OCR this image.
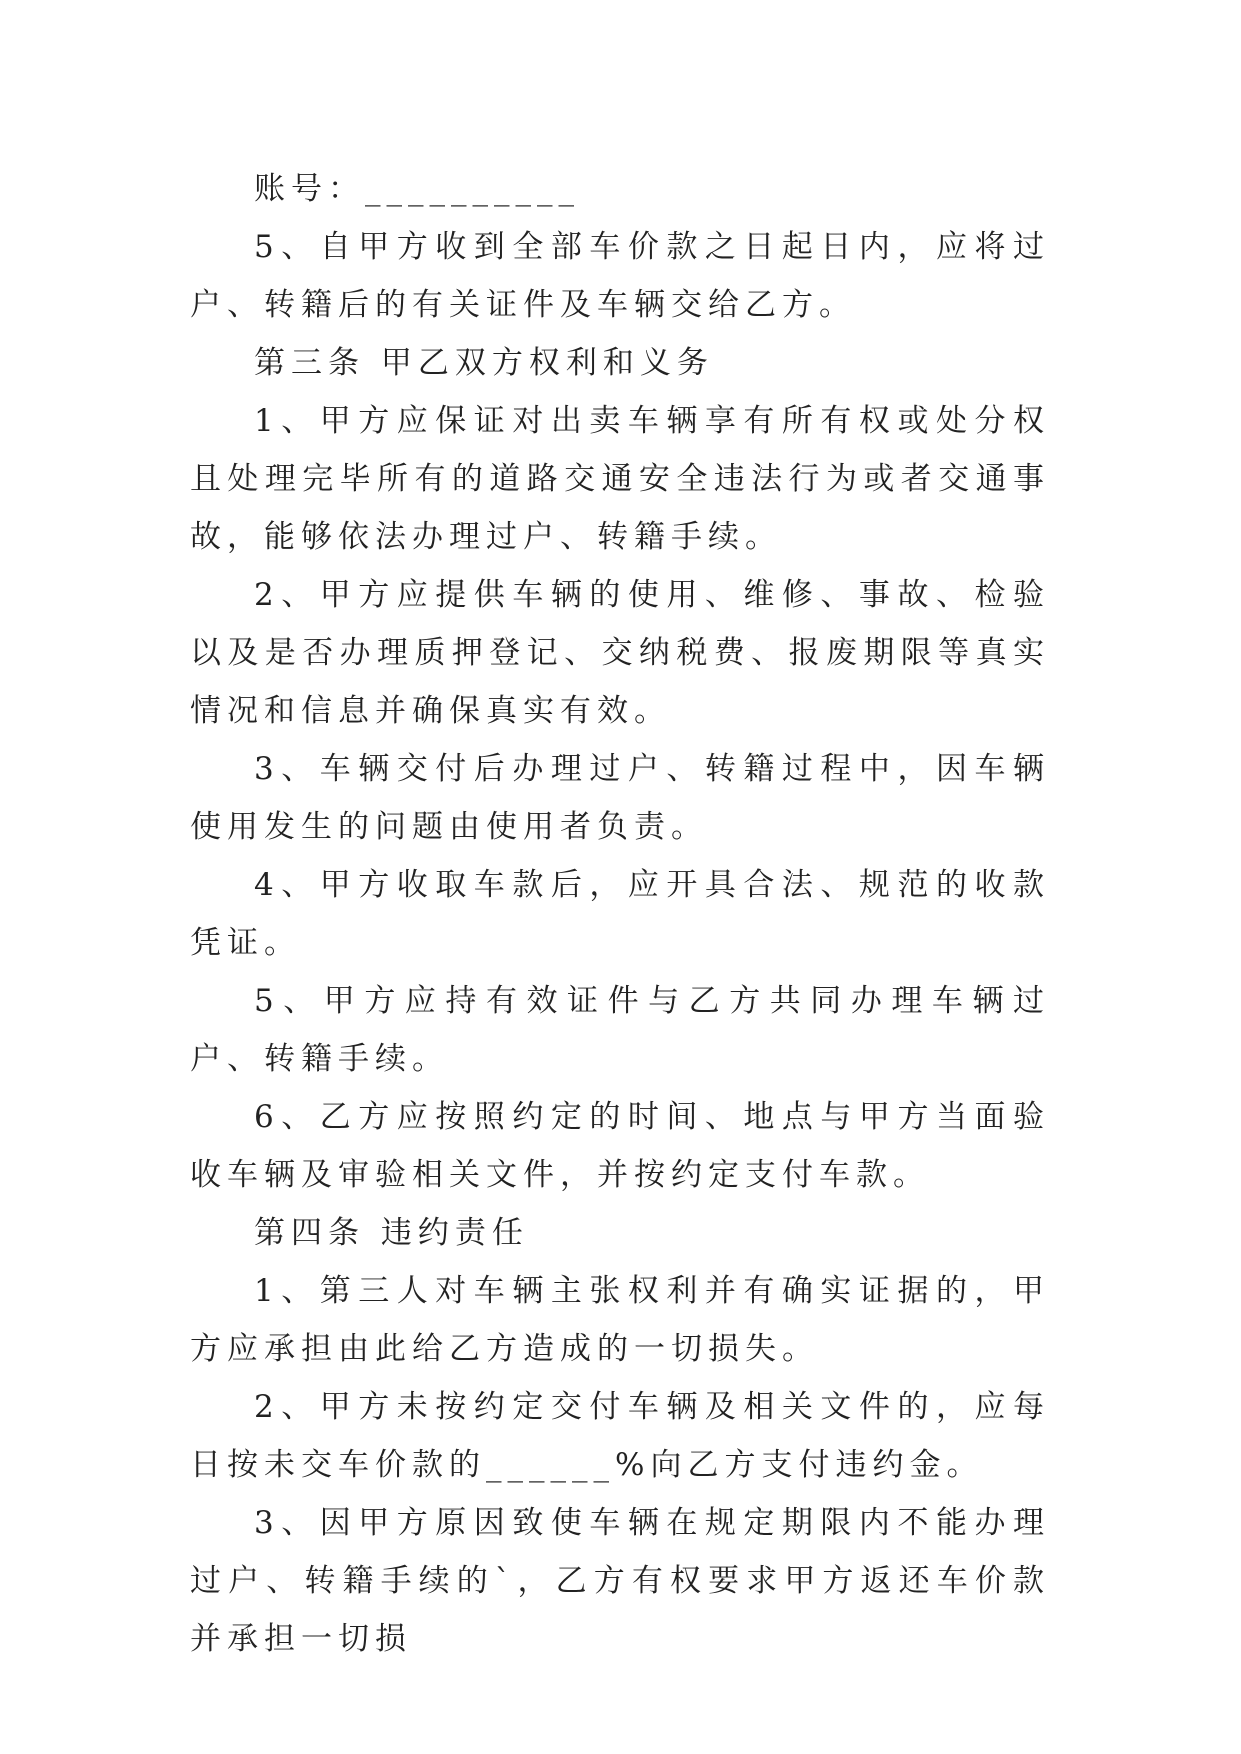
账号：__________

5、自甲方收到全部车价款之日起日内，应将过户、转籍后的有关证件及车辆交给乙方。

第三条 甲乙双方权利和义务

1、甲方应保证对出卖车辆享有所有权或处分权且处理完毕所有的道路交通安全违法行为或者交通事故，能够依法办理过户、转籍手续。

2、甲方应提供车辆的使用、维修、事故、检验以及是否办理质押登记、交纳税费、报废期限等真实情况和信息并确保真实有效。

3、车辆交付后办理过户、转籍过程中，因车辆使用发生的问题由使用者负责。

4、甲方收取车款后，应开具合法、规范的收款凭证。

5、甲方应持有效证件与乙方共同办理车辆过户、转籍手续。

6、乙方应按照约定的时间、地点与甲方当面验收车辆及审验相关文件，并按约定支付车款。

第四条 违约责任

1、第三人对车辆主张权利并有确实证据的，甲方应承担由此给乙方造成的一切损失。

2、甲方未按约定交付车辆及相关文件的，应每日按未交车价款的______%向乙方支付违约金。

3、因甲方原因致使车辆在规定期限内不能办理过户、转籍手续的`，乙方有权要求甲方返还车价款并承担一切损
